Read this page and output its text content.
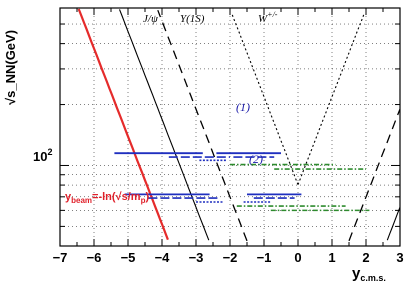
−7 −6 −5 −4 −3 −2 −1 0 1 2 3
J/ψ Υ(1S)	W+/-
(1)
(2)
$y_{beam}=-\ln(√s/m_p)$
$y_{c.m.s.}$
√s_NN(GeV)
$10^2$
